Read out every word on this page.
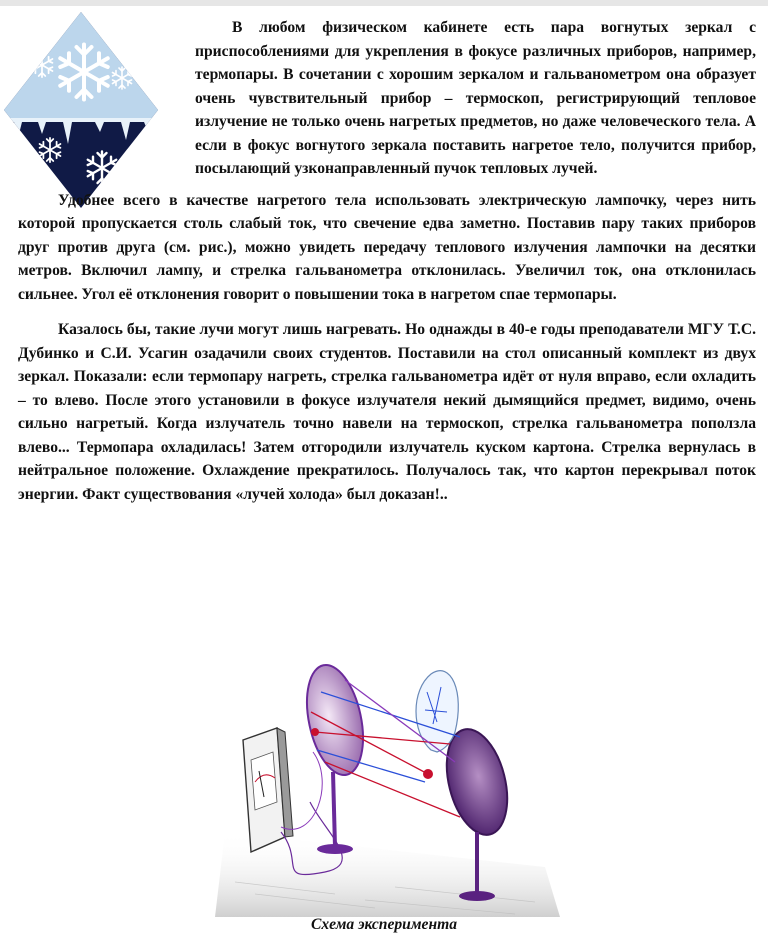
В любом физическом кабинете есть пара вогнутых зеркал с приспособлениями для укрепления в фокусе различных приборов, например, термопары. В сочетании с хорошим зеркалом и гальванометром она образует очень чувствительный прибор – термоскоп, регистрирующий тепловое излучение не только очень нагретых предметов, но даже человеческого тела. А если в фокус вогнутого зеркала поставить нагретое тело, получится прибор, посылающий узконаправленный пучок тепловых лучей.

Удобнее всего в качестве нагретого тела использовать электрическую лампочку, через нить которой пропускается столь слабый ток, что свечение едва заметно. Поставив пару таких приборов друг против друга (см. рис.), можно увидеть передачу теплового излучения лампочки на десятки метров. Включил лампу, и стрелка гальванометра отклонилась. Увеличил ток, она отклонилась сильнее. Угол её отклонения говорит о повышении тока в нагретом спае термопары.

Казалось бы, такие лучи могут лишь нагревать. Но однажды в 40-е годы преподаватели МГУ Т.С. Дубинко и С.И. Усагин озадачили своих студентов. Поставили на стол описанный комплект из двух зеркал. Показали: если термопару нагреть, стрелка гальванометра идёт от нуля вправо, если охладить – то влево. После этого установили в фокусе излучателя некий дымящийся предмет, видимо, очень сильно нагретый. Когда излучатель точно навели на термоскоп, стрелка гальванометра поползла влево... Термопара охладилась! Затем отгородили излучатель куском картона. Стрелка вернулась в нейтральное положение. Охлаждение прекратилось. Получалось так, что картон перекрывал поток энергии. Факт существования «лучей холода» был доказан!..

Схема эксперимента
